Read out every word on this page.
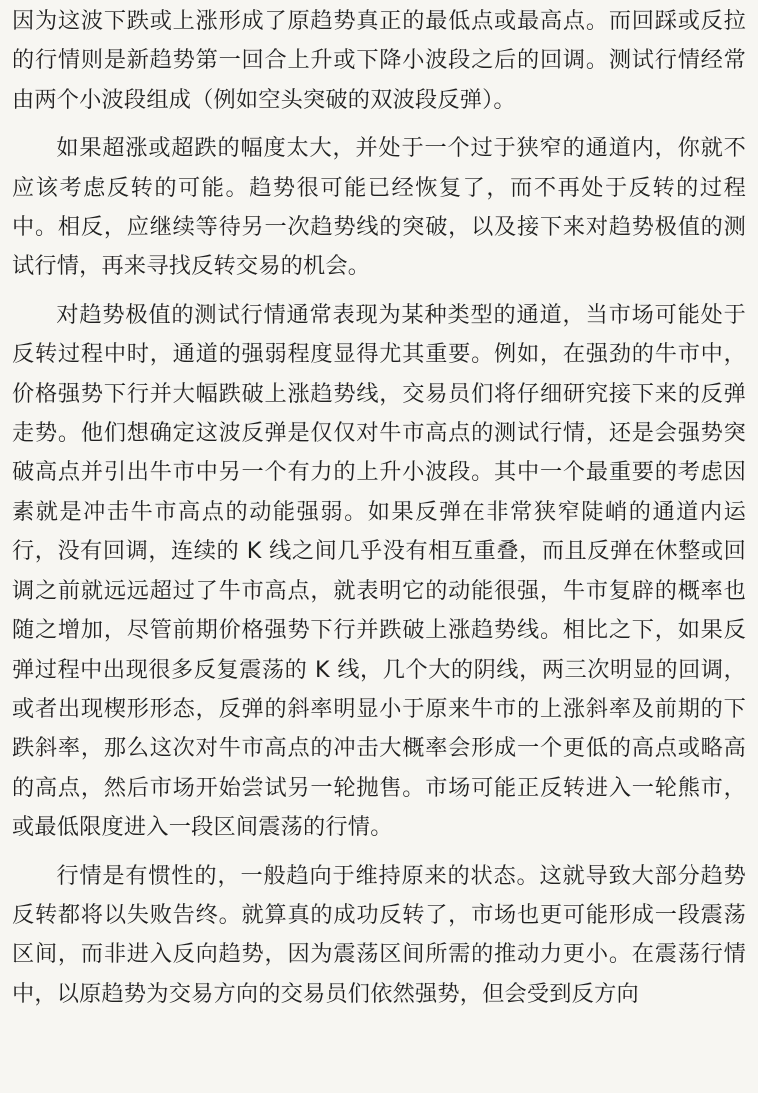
因为这波下跌或上涨形成了原趋势真正的最低点或最高点。而回踩或反拉的行情则是新趋势第一回合上升或下降小波段之后的回调。测试行情经常由两个小波段组成（例如空头突破的双波段反弹）。

如果超涨或超跌的幅度太大，并处于一个过于狭窄的通道内，你就不应该考虑反转的可能。趋势很可能已经恢复了，而不再处于反转的过程中。相反，应继续等待另一次趋势线的突破，以及接下来对趋势极值的测试行情，再来寻找反转交易的机会。

对趋势极值的测试行情通常表现为某种类型的通道，当市场可能处于反转过程中时，通道的强弱程度显得尤其重要。例如，在强劲的牛市中，价格强势下行并大幅跌破上涨趋势线，交易员们将仔细研究接下来的反弹走势。他们想确定这波反弹是仅仅对牛市高点的测试行情，还是会强势突破高点并引出牛市中另一个有力的上升小波段。其中一个最重要的考虑因素就是冲击牛市高点的动能强弱。如果反弹在非常狭窄陡峭的通道内运行，没有回调，连续的 K 线之间几乎没有相互重叠，而且反弹在休整或回调之前就远远超过了牛市高点，就表明它的动能很强，牛市复辟的概率也随之增加，尽管前期价格强势下行并跌破上涨趋势线。相比之下，如果反弹过程中出现很多反复震荡的 K 线，几个大的阴线，两三次明显的回调，或者出现楔形形态，反弹的斜率明显小于原来牛市的上涨斜率及前期的下跌斜率，那么这次对牛市高点的冲击大概率会形成一个更低的高点或略高的高点，然后市场开始尝试另一轮抛售。市场可能正反转进入一轮熊市，或最低限度进入一段区间震荡的行情。

行情是有惯性的，一般趋向于维持原来的状态。这就导致大部分趋势反转都将以失败告终。就算真的成功反转了，市场也更可能形成一段震荡区间，而非进入反向趋势，因为震荡区间所需的推动力更小。在震荡行情中，以原趋势为交易方向的交易员们依然强势，但会受到反方向
